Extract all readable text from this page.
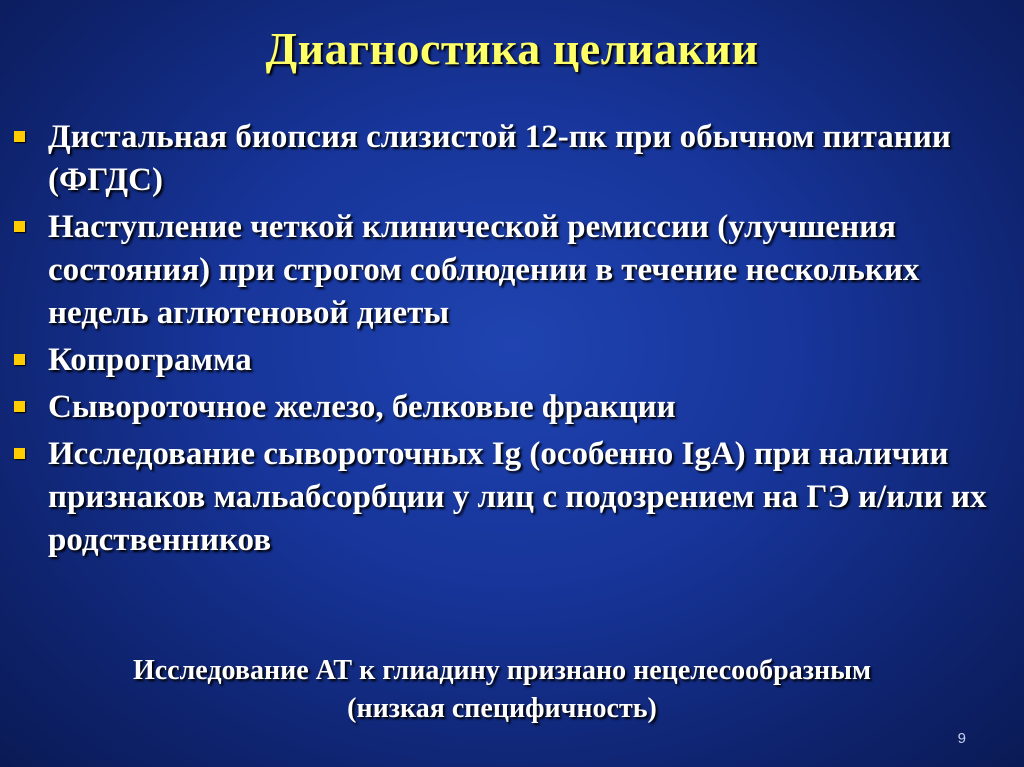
Диагностика целиакии
Дистальная биопсия слизистой 12-пк при обычном питании (ФГДС)
Наступление четкой клинической ремиссии (улучшения состояния) при строгом соблюдении в течение нескольких недель аглютеновой диеты
Копрограмма
Сывороточное железо, белковые фракции
Исследование сывороточных Ig (особенно IgA) при наличии признаков мальабсорбции у лиц с подозрением на ГЭ и/или их родственников
Исследование АТ к глиадину признано нецелесообразным
(низкая специфичность)
9
